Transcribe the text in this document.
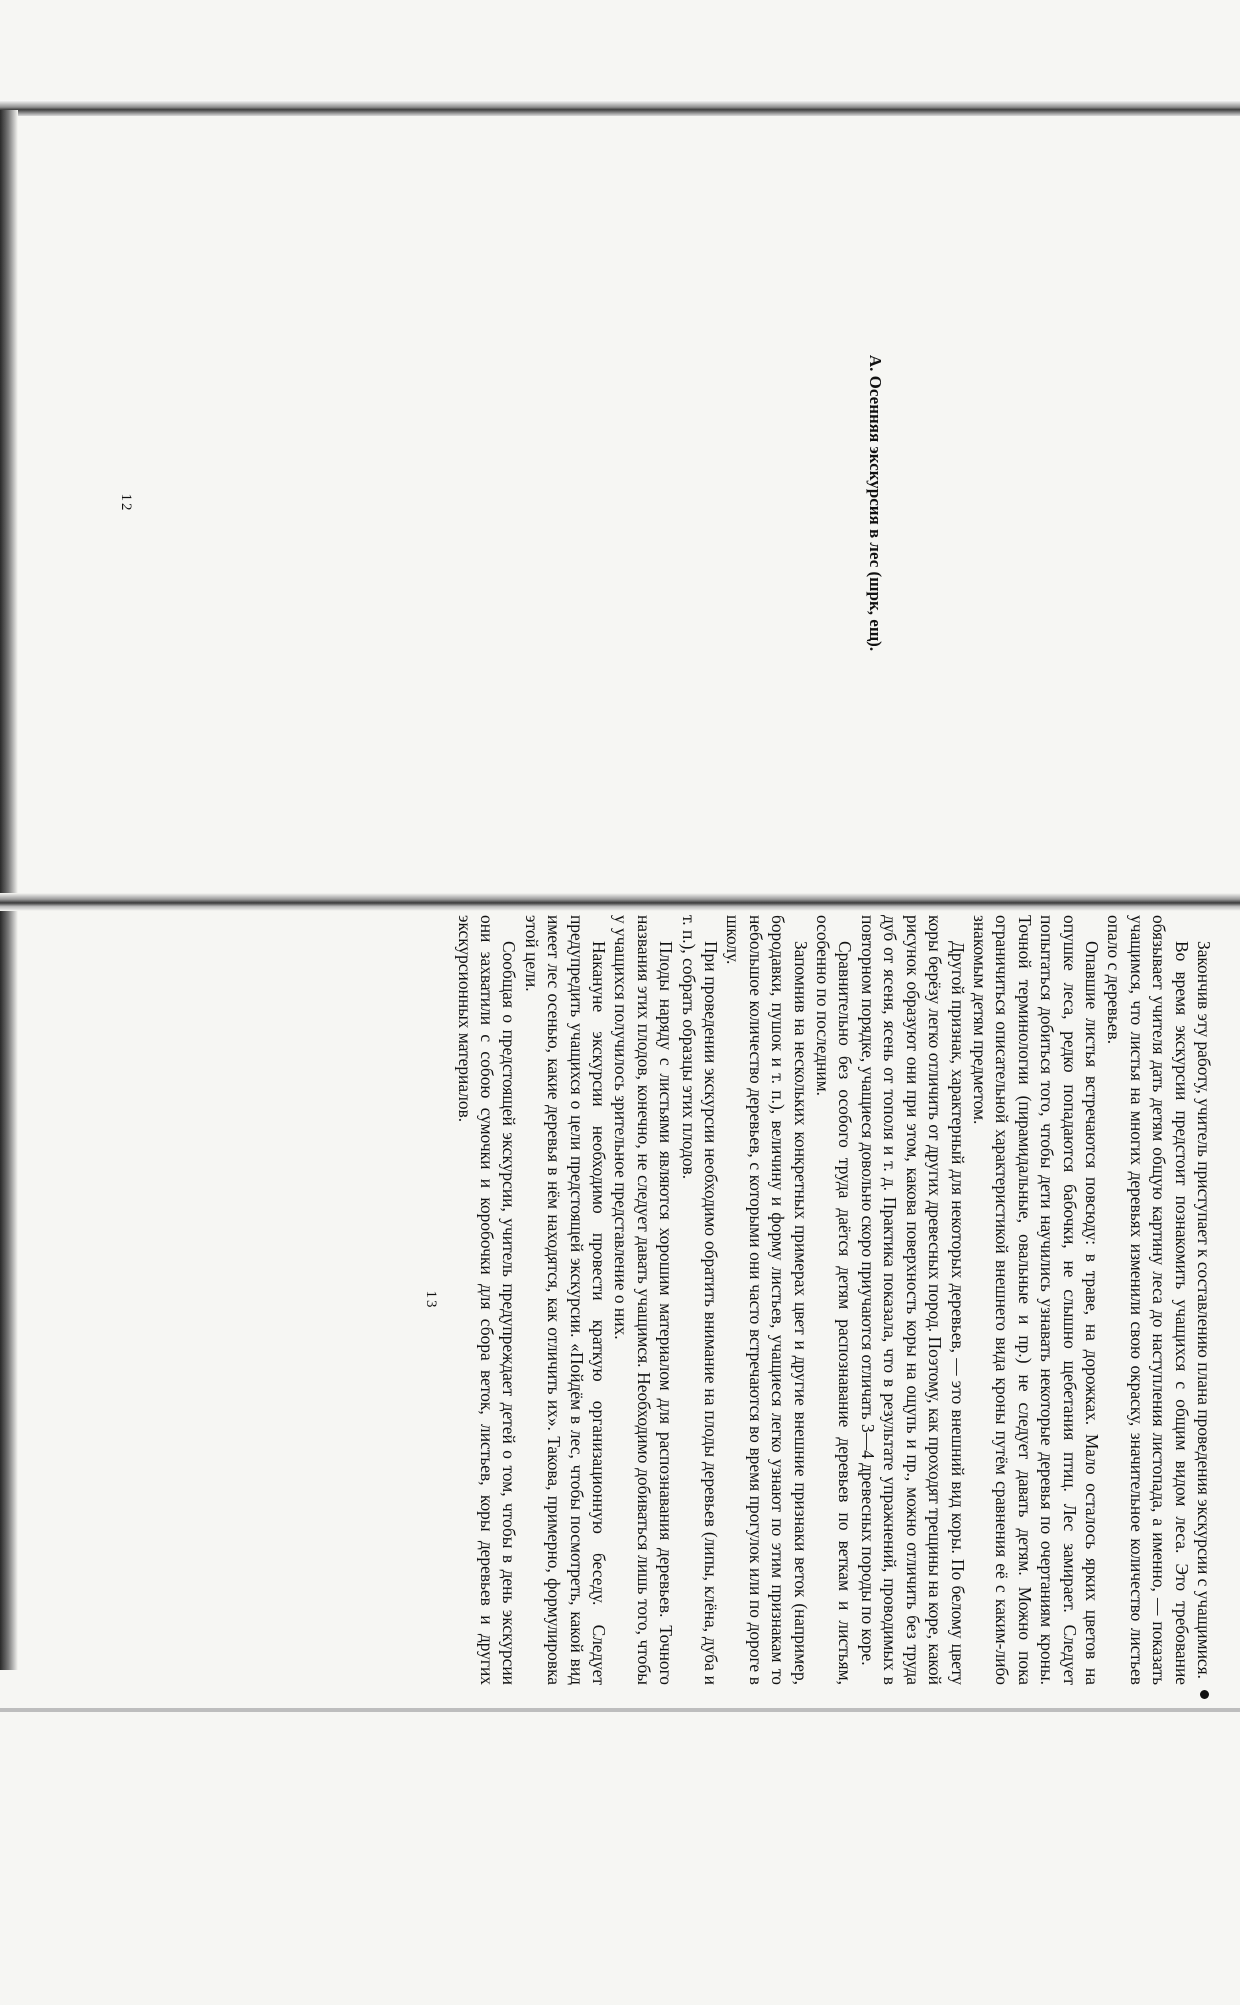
А. Осенняя экскурсия в лес (шрк, ещ).
12

Закончив эту работу, учитель приступает к составлению плана проведения экскурсии с учащимися.

Во время экскурсии предстоит познакомить учащихся с общим видом леса. Это требование обязывает учителя дать детям общую картину леса до наступления листопада, а именно, — показать учащимся, что листья на многих деревьях изменили свою окраску, значительное количество листьев опало с деревьев.

Опавшие листья встречаются повсюду: в траве, на дорожках. Мало осталось ярких цветов на опушке леса, редко попадаются бабочки, не слышно щебетания птиц. Лес замирает. Следует попытаться добиться того, чтобы дети научились узнавать некоторые деревья по очертаниям кроны. Точной терминологии (пирамидальные, овальные и пр.) не следует давать детям. Можно пока ограничиться описательной характеристикой внешнего вида кроны путём сравнения её с каким-либо знакомым детям предметом.

Другой признак, характерный для некоторых деревьев, — это внешний вид коры. По белому цвету коры берёзу легко отличить от других древесных пород. Поэтому, как проходят трещины на коре, какой рисунок образуют они при этом, какова поверхность коры на ощупь и пр., можно отличить без труда дуб от ясеня, ясень от тополя и т. д. Практика показала, что в результате упражнений, проводимых в повторном порядке, учащиеся довольно скоро приучаются отличать 3—4 древесных породы по коре.

Сравнительно без особого труда даётся детям распознавание деревьев по веткам и листьям, особенно по последним.

Запомнив на нескольких конкретных примерах цвет и другие внешние признаки веток (например, бородавки, пушок и т. п.), величину и форму листьев, учащиеся легко узнают по этим признакам то небольшое количество деревьев, с которыми они часто встречаются во время прогулок или по дороге в школу.

При проведении экскурсии необходимо обратить внимание на плоды деревьев (липы, клёна, дуба и т. п.), собрать образцы этих плодов.

Плоды наряду с листьями являются хорошим материалом для распознавания деревьев. Точного названия этих плодов, конечно, не следует давать учащимся. Необходимо добиваться лишь того, чтобы у учащихся получилось зрительное представление о них.

Накануне экскурсии необходимо провести краткую организационную беседу. Следует предупредить учащихся о цели предстоящей экскурсии. «Пойдём в лес, чтобы посмотреть, какой вид имеет лес осенью, какие деревья в нём находятся, как отличить их». Такова, примерно, формулировка этой цели.

Сообщая о предстоящей экскурсии, учитель предупреждает детей о том, чтобы в день экскурсии они захватили с собою сумочки и коробочки для сбора веток, листьев, коры деревьев и других экскурсионных материалов.

13
